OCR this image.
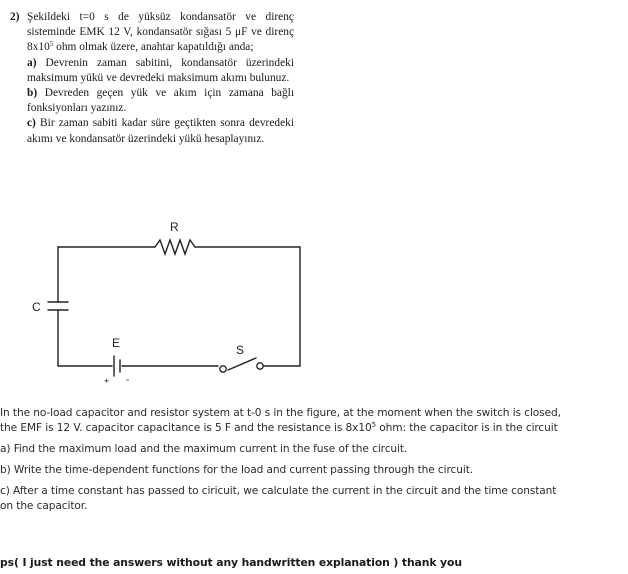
2) Şekildeki t=0 s de yüksüz kondansatör ve direnç sisteminde EMK 12 V, kondansatör sığası 5 μF ve direnç $8x10^5$ ohm olmak üzere, anahtar kapatıldığı anda;

a) Devrenin zaman sabitini, kondansatör üzerindeki maksimum yükü ve devredeki maksimum akımı bulunuz.

b) Devreden geçen yük ve akım için zamana bağlı fonksiyonları yazınız.

c) Bir zaman sabiti kadar süre geçtikten sonra devredeki akımı ve kondansatör üzerindeki yükü hesaplayınız.

R
C
E	S
+ -

In the no-load capacitor and resistor system at t-0 s in the figure, at the moment when the switch is closed,

the EMF is 12 V. capacitor capacitance is 5 F and the resistance is $8x10^5$ ohm: the capacitor is in the circuit

a) Find the maximum load and the maximum current in the fuse of the circuit.

b) Write the time-dependent functions for the load and current passing through the circuit.

c) After a time constant has passed to ciricuit, we calculate the current in the circuit and the time constant

on the capacitor.

ps( I just need the answers without any handwritten explanation ) thank you
